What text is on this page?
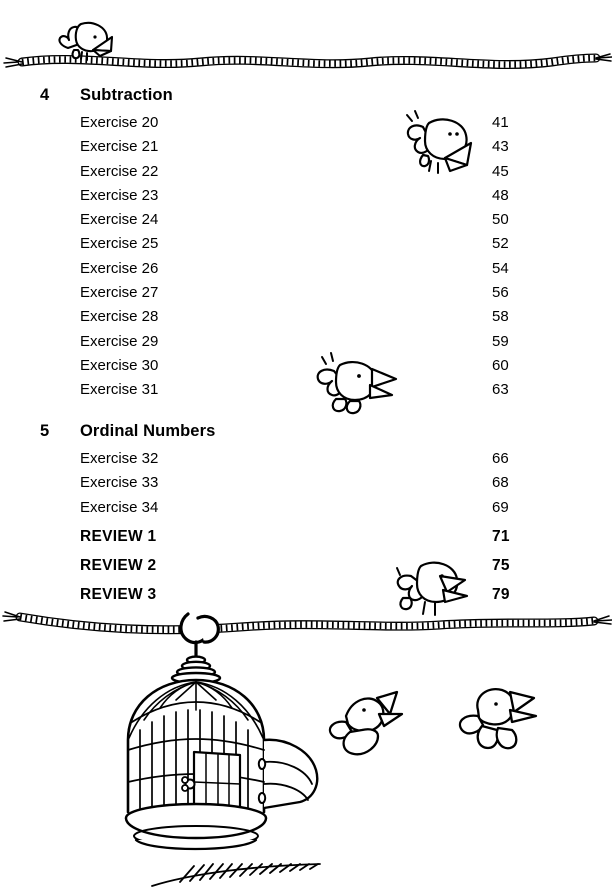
4	Subtraction
Exercise 20	41
Exercise 21	43
Exercise 22	45
Exercise 23	48
Exercise 24	50
Exercise 25	52
Exercise 26	54
Exercise 27	56
Exercise 28	58
Exercise 29	59
Exercise 30	60
Exercise 31	63
5	Ordinal Numbers
Exercise 32	66
Exercise 33	68
Exercise 34	69
REVIEW 1	71
REVIEW 2	75
REVIEW 3	79
